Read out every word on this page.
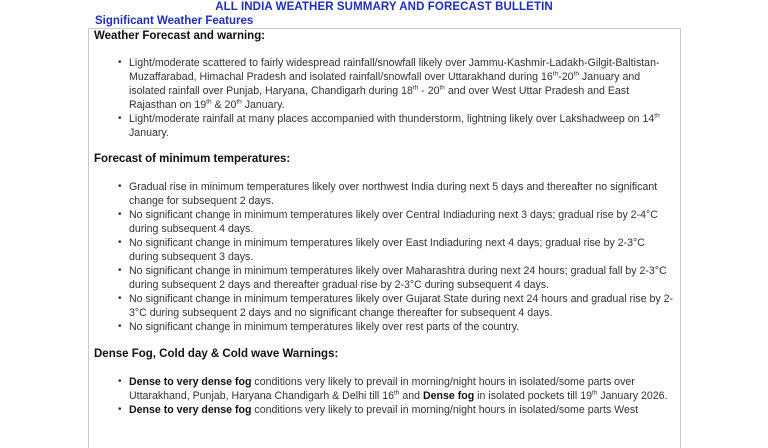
ALL INDIA WEATHER SUMMARY AND FORECAST BULLETIN
Significant Weather Features
Weather Forecast and warning:
• Light/moderate scattered to fairly widespread rainfall/snowfall likely over Jammu-Kashmir-Ladakh-Gilgit-Baltistan-Muzaffarabad, Himachal Pradesh and isolated rainfall/snowfall over Uttarakhand during 16th-20th January and isolated rainfall over Punjab, Haryana, Chandigarh during 18th - 20th and over West Uttar Pradesh and East Rajasthan on 19th & 20th January.
• Light/moderate rainfall at many places accompanied with thunderstorm, lightning likely over Lakshadweep on 14th January.
Forecast of minimum temperatures:
• Gradual rise in minimum temperatures likely over northwest India during next 5 days and thereafter no significant change for subsequent 2 days.
• No significant change in minimum temperatures likely over Central Indiaduring next 3 days; gradual rise by 2-4°C during subsequent 4 days.
• No significant change in minimum temperatures likely over East Indiaduring next 4 days; gradual rise by 2-3°C during subsequent 3 days.
• No significant change in minimum temperatures likely over Maharashtra during next 24 hours; gradual fall by 2-3°C during subsequent 2 days and thereafter gradual rise by 2-3°C during subsequent 4 days.
• No significant change in minimum temperatures likely over Gujarat State during next 24 hours and gradual rise by 2-3°C during subsequent 2 days and no significant change thereafter for subsequent 4 days.
• No significant change in minimum temperatures likely over rest parts of the country.
Dense Fog, Cold day & Cold wave Warnings:
• Dense to very dense fog conditions very likely to prevail in morning/night hours in isolated/some parts over Uttarakhand, Punjab, Haryana Chandigarh & Delhi till 16th and Dense fog in isolated pockets till 19th January 2026.
• Dense to very dense fog conditions very likely to prevail in morning/night hours in isolated/some parts West
